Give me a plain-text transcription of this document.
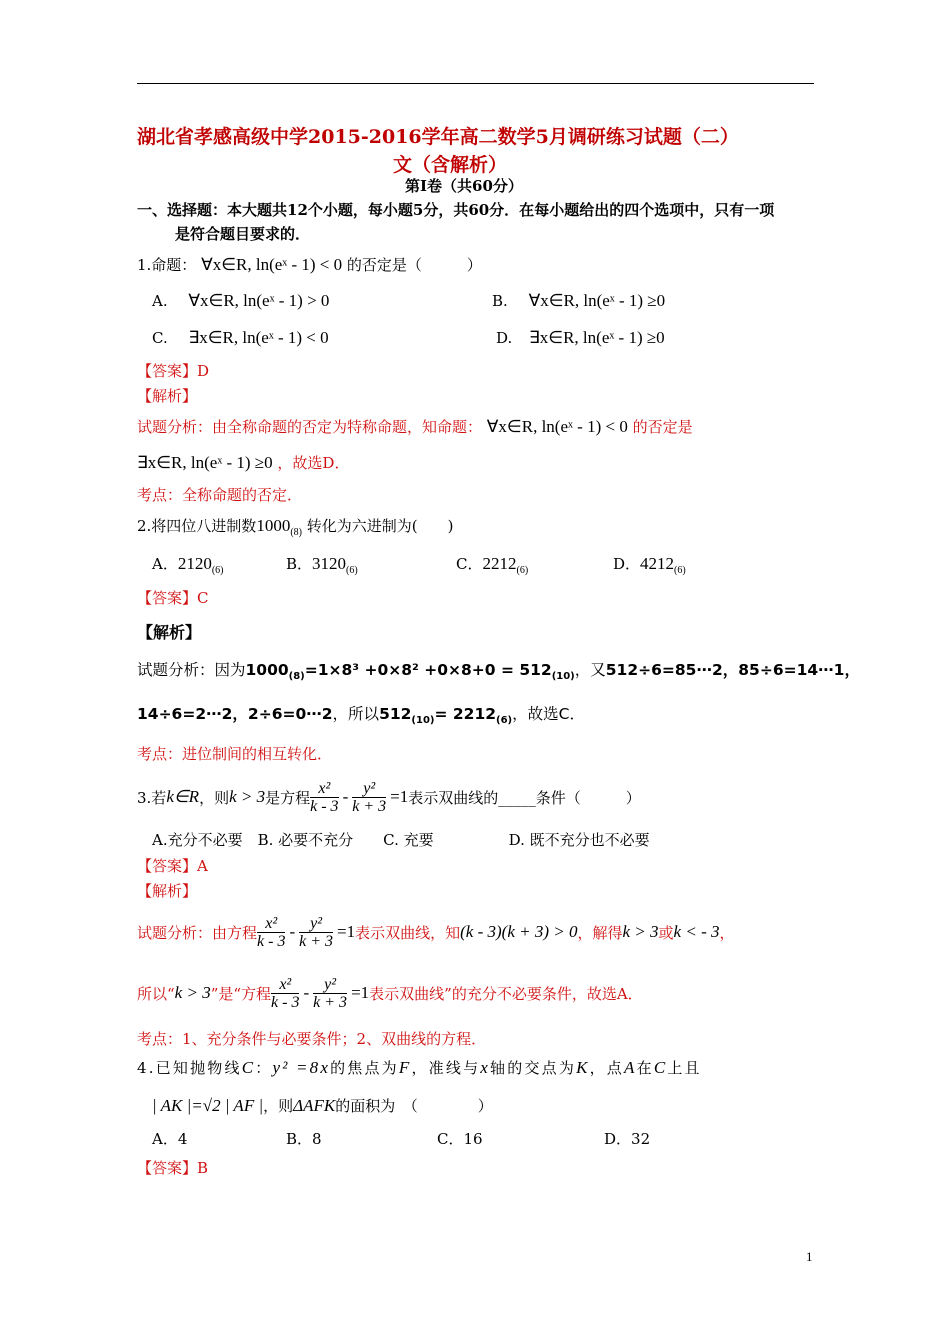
湖北省孝感高级中学2015-2016学年高二数学5月调研练习试题（二）
文（含解析）
第Ⅰ卷（共60分）
一、选择题：本大题共12个小题，每小题5分，共60分．在每小题给出的四个选项中，只有一项
是符合题目要求的．
1.命题： ∀x∈R, ln(eˣ - 1) < 0 的否定是（　　　）
A. ∀x∈R, ln(eˣ - 1) > 0	B. ∀x∈R, ln(eˣ - 1) ≥0
C. ∃x∈R, ln(eˣ - 1) < 0	D. ∃x∈R, ln(eˣ - 1) ≥0
【答案】D
【解析】
试题分析：由全称命题的否定为特称命题，知命题： ∀x∈R, ln(eˣ - 1) < 0 的否定是
∃x∈R, ln(eˣ - 1) ≥0 ，故选D．
考点：全称命题的否定．
2.将四位八进制数$1000_{(8)}$ 转化为六进制为(　　)
A．$2120_{(6)}$	B．$3120_{(6)}$	C．$2212_{(6)}$	D．$4212_{(6)}$
【答案】C
【解析】
试题分析：因为$1000_{(8)}=1\times 8^3 +0\times 8^2 +0\times 8+0 = 512_{(10)}$，又512÷6=85⋯2，85÷6=14⋯1，
14÷6=2⋯2，2÷6=0⋯2，所以$512_{(10)}= 2212_{(6)}$，故选C．
考点：进位制间的相互转化．
3.若 k∈R ，则 k > 3 是方程 $\frac{\text{x²}}{k - 3} - \frac{\text{y²}}{k + 3} =1$ 表示双曲线的_____条件（　　　）
A.充分不必要　B. 必要不充分　　C. 充要　　　　　D. 既不充分也不必要
【答案】A
【解析】
试题分析：由方程 $\frac{\text{x²}}{k - 3} - \frac{\text{y²}}{k + 3} =1$ 表示双曲线，知 (k - 3)(k + 3) > 0 ，解得 k > 3 或 k < - 3 ，
所以“ k > 3 ”是“方程 $\frac{\text{x²}}{k - 3} - \frac{\text{y²}}{k + 3} =1$ 表示双曲线”的充分不必要条件，故选A．
考点：1、充分条件与必要条件；2、双曲线的方程．
4.已知抛物线C：y² =8x的焦点为F，准线与x轴的交点为K，点A在C上且
| AK |=√2 | AF |，则ΔAFK的面积为　（　　　　）
A．4	B．8	C．16	D．32
【答案】B
1
